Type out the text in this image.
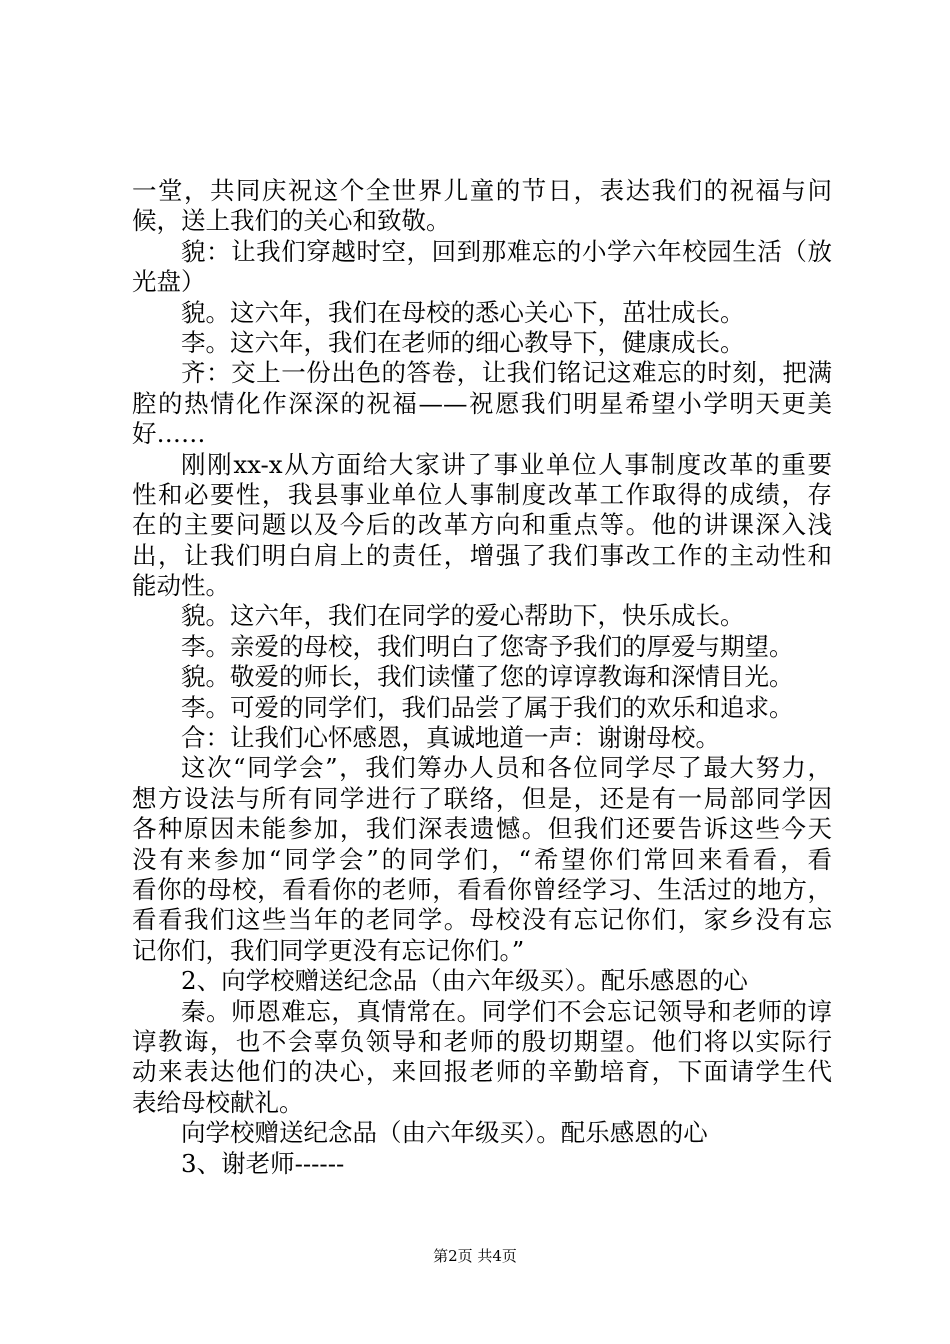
一堂，共同庆祝这个全世界儿童的节日，表达我们的祝福与问

候，送上我们的关心和致敬。

貌：让我们穿越时空，回到那难忘的小学六年校园生活（放

光盘）

貌。这六年，我们在母校的悉心关心下，茁壮成长。

李。这六年，我们在老师的细心教导下，健康成长。

齐：交上一份出色的答卷，让我们铭记这难忘的时刻，把满

腔的热情化作深深的祝福——祝愿我们明星希望小学明天更美

好……

刚刚xx-x从方面给大家讲了事业单位人事制度改革的重要

性和必要性，我县事业单位人事制度改革工作取得的成绩，存

在的主要问题以及今后的改革方向和重点等。他的讲课深入浅

出，让我们明白肩上的责任，增强了我们事改工作的主动性和

能动性。

貌。这六年，我们在同学的爱心帮助下，快乐成长。

李。亲爱的母校，我们明白了您寄予我们的厚爱与期望。

貌。敬爱的师长，我们读懂了您的谆谆教诲和深情目光。

李。可爱的同学们，我们品尝了属于我们的欢乐和追求。

合：让我们心怀感恩，真诚地道一声：谢谢母校。

这次“同学会”，我们筹办人员和各位同学尽了最大努力，

想方设法与所有同学进行了联络，但是，还是有一局部同学因

各种原因未能参加，我们深表遗憾。但我们还要告诉这些今天

没有来参加“同学会”的同学们，“希望你们常回来看看，看

看你的母校，看看你的老师，看看你曾经学习、生活过的地方，

看看我们这些当年的老同学。母校没有忘记你们，家乡没有忘

记你们，我们同学更没有忘记你们。”

2、向学校赠送纪念品（由六年级买）。配乐感恩的心

秦。师恩难忘，真情常在。同学们不会忘记领导和老师的谆

谆教诲，也不会辜负领导和老师的殷切期望。他们将以实际行

动来表达他们的决心，来回报老师的辛勤培育，下面请学生代

表给母校献礼。

向学校赠送纪念品（由六年级买）。配乐感恩的心

3、谢老师------

第2页 共4页
